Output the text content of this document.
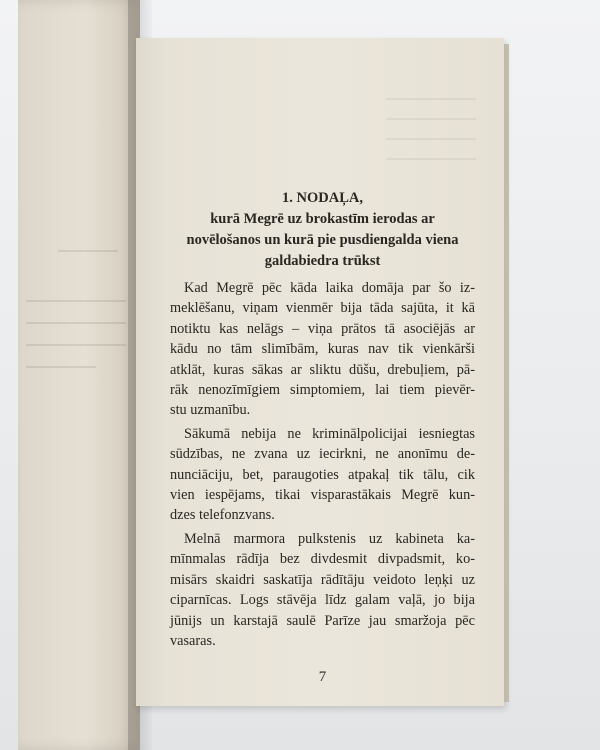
1. NODAĻA,
kurā Megrē uz brokastīm ierodas ar
novēlošanos un kurā pie pusdiengalda viena
galdabiedra trūkst

Kad Megrē pēc kāda laika domāja par šo iz-
meklēšanu, viņam vienmēr bija tāda sajūta, it kā
notiktu kas nelāgs – viņa prātos tā asociējās ar
kādu no tām slimībām, kuras nav tik vienkārši
atklāt, kuras sākas ar sliktu dūšu, drebuļiem, pā-
rāk nenozīmīgiem simptomiem, lai tiem pievēr-
stu uzmanību.

Sākumā nebija ne kriminālpolicijai iesniegtas
sūdzības, ne zvana uz iecirkni, ne anonīmu de-
nunciāciju, bet, paraugoties atpakaļ tik tālu, cik
vien iespējams, tikai visparastākais Megrē kun-
dzes telefonzvans.

Melnā marmora pulkstenis uz kabineta ka-
mīnmalas rādīja bez divdesmit divpadsmit, ko-
misārs skaidri saskatīja rādītāju veidoto leņķi uz
ciparnīcas. Logs stāvēja līdz galam vaļā, jo bija
jūnijs un karstajā saulē Parīze jau smaržoja pēc
vasaras.

7
